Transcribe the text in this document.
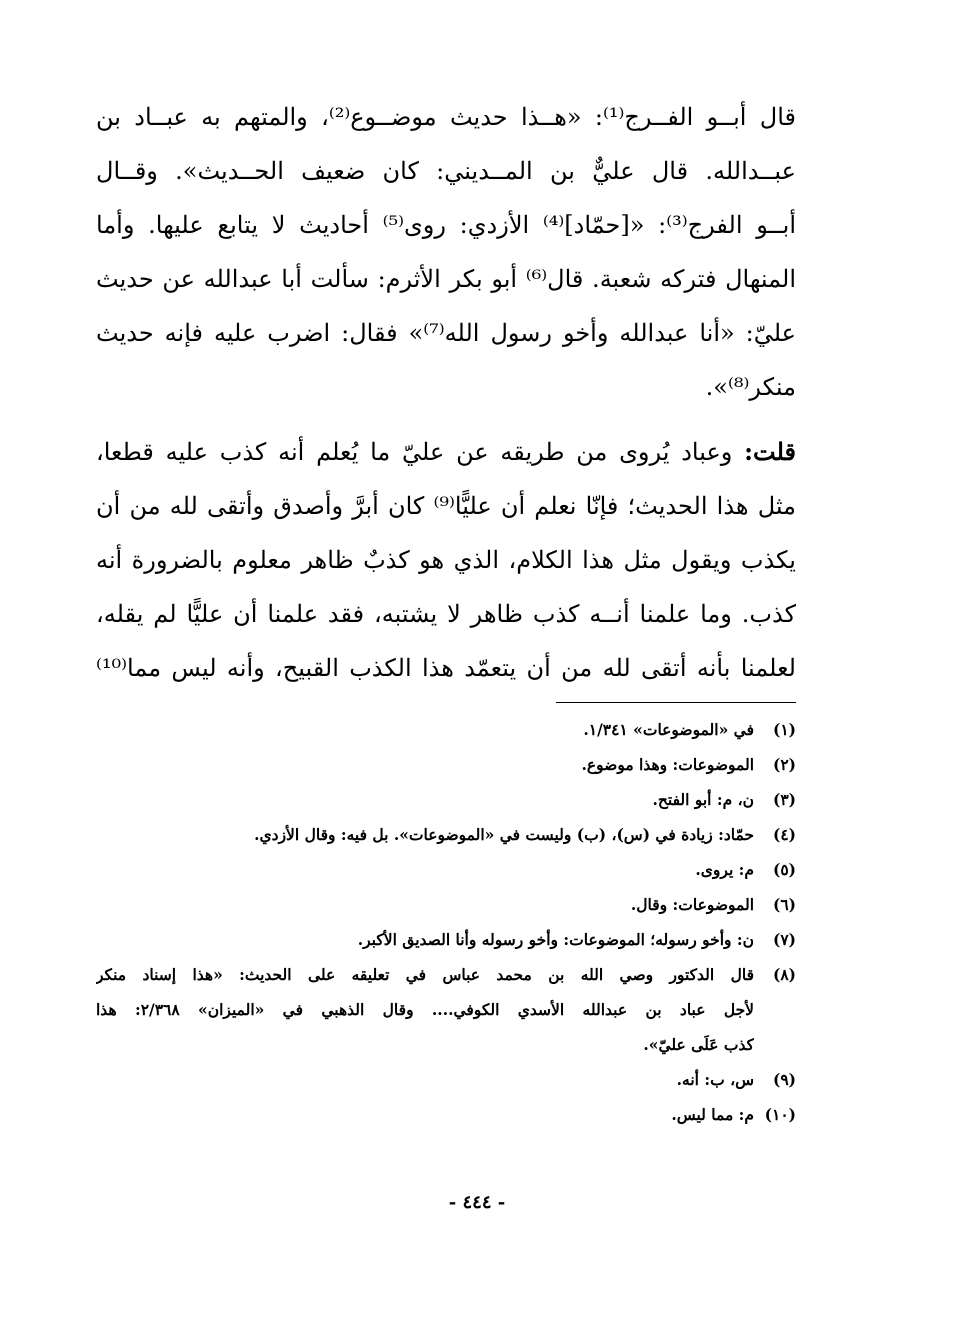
قال أبــو الفــرج⁽¹⁾: «هــذا حديث موضــوع⁽²⁾، والمتهم به عبــاد بن
عبــدالله. قال عليٌّ بن المــديني: كان ضعيف الحــديث». وقــال
أبــو الفرج⁽³⁾: «[حمّاد]⁽⁴⁾ الأزدي: روى⁽⁵⁾ أحاديث لا يتابع عليها. وأما
المنهال فتركه شعبة. قال⁽⁶⁾ أبو بكر الأثرم: سألت أبا عبدالله عن حديث
عليّ: «أنا عبدالله وأخو رسول الله⁽⁷⁾» فقال: اضرب عليه فإنه حديث
منكر⁽⁸⁾».
قلت: وعباد يُروى من طريقه عن عليّ ما يُعلم أنه كذب عليه قطعا،
مثل هذا الحديث؛ فإنّا نعلم أن عليًّا⁽⁹⁾ كان أبرَّ وأصدق وأتقى لله من أن
يكذب ويقول مثل هذا الكلام، الذي هو كذبٌ ظاهر معلوم بالضرورة أنه
كذب. وما علمنا أنــه كذب ظاهر لا يشتبه، فقد علمنا أن عليًّا لم يقله،
لعلمنا بأنه أتقى لله من أن يتعمّد هذا الكذب القبيح، وأنه ليس مما⁽¹⁰⁾
(١)
في «الموضوعات» ١/٣٤١.
(٢)
الموضوعات: وهذا موضوع.
(٣)
ن، م: أبو الفتح.
(٤)
حمّاد: زيادة في (س)، (ب) وليست في «الموضوعات». بل فيه: وقال الأزدي.
(٥)
م: يروى.
(٦)
الموضوعات: وقال.
(٧)
ن: وأخو رسوله؛ الموضوعات: وأخو رسوله وأنا الصديق الأكبر.
(٨)
قال الدكتور وصي الله بن محمد عباس في تعليقه على الحديث: «هذا إسناد منكر
لأجل عباد بن عبدالله الأسدي الكوفي.... وقال الذهبي في «الميزان» ٢/٣٦٨: هذا
كذب عَلَى عليّ».
(٩)
س، ب: أنه.
(١٠)
م: مما ليس.
- ٤٤٤ -
